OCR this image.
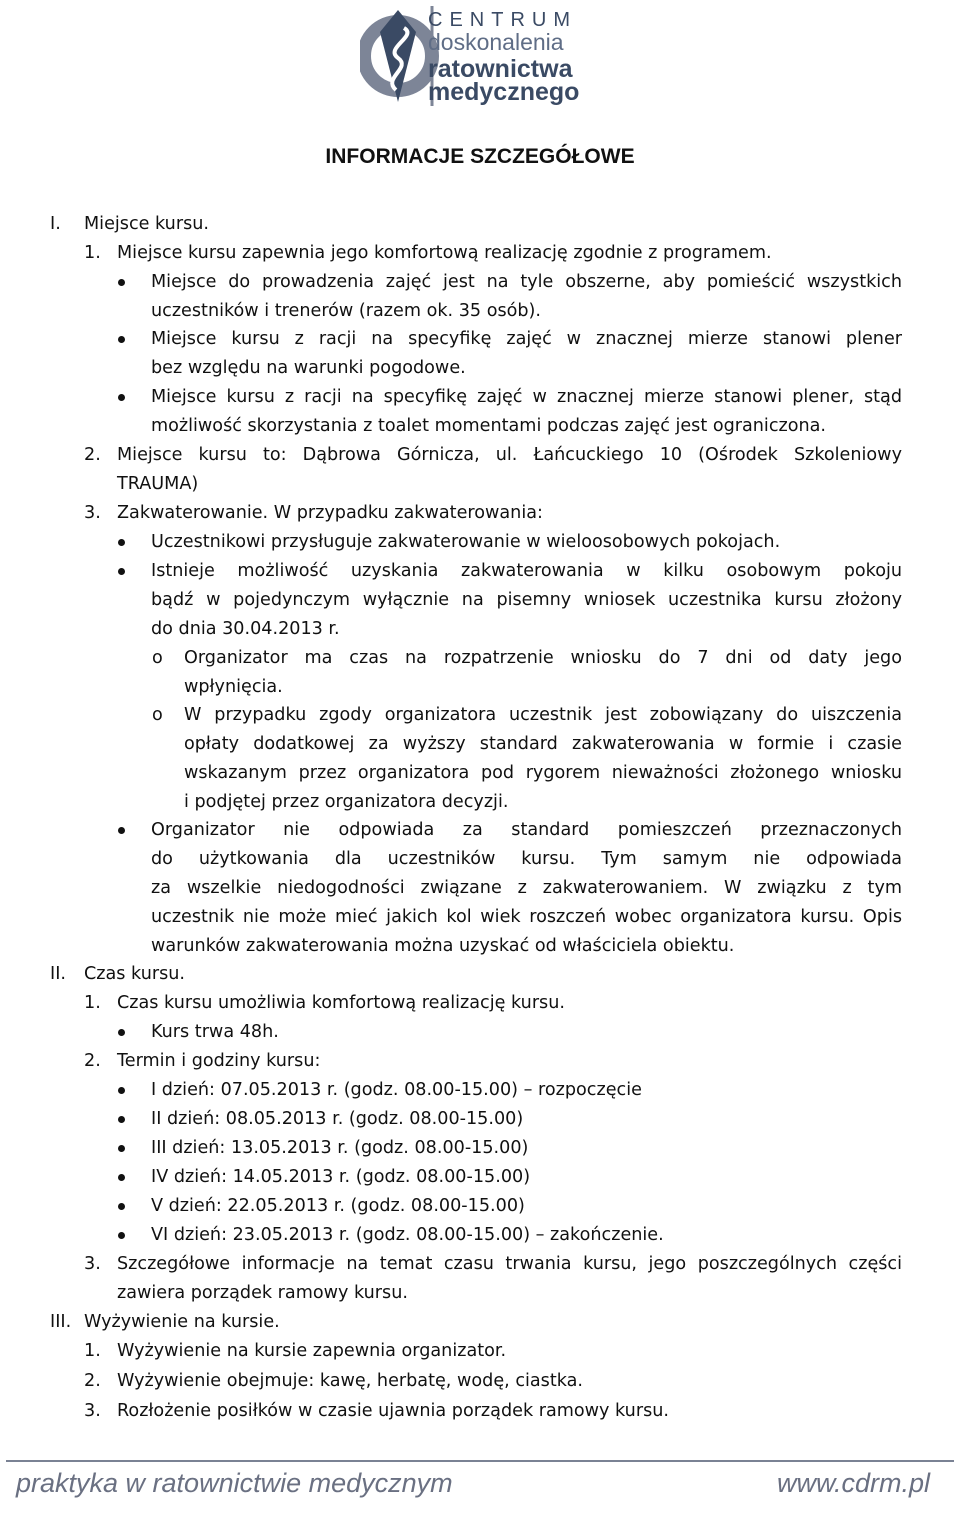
CENTRUM
doskonalenia
ratownictwa
medycznego
INFORMACJE SZCZEGÓŁOWE
I. Miejsce kursu.
1. Miejsce kursu zapewnia jego komfortową realizację zgodnie z programem.
Miejsce do prowadzenia zajęć jest na tyle obszerne, aby pomieścić wszystkich
uczestników i trenerów (razem ok. 35 osób).
Miejsce kursu z racji na specyfikę zajęć w znacznej mierze stanowi plener
bez względu na warunki pogodowe.
Miejsce kursu z racji na specyfikę zajęć w znacznej mierze stanowi plener, stąd
możliwość skorzystania z toalet momentami podczas zajęć jest ograniczona.
2. Miejsce kursu to: Dąbrowa Górnicza, ul. Łańcuckiego 10 (Ośrodek Szkoleniowy
TRAUMA)
3. Zakwaterowanie. W przypadku zakwaterowania:
Uczestnikowi przysługuje zakwaterowanie w wieloosobowych pokojach.
Istnieje możliwość uzyskania zakwaterowania w kilku osobowym pokoju
bądź w pojedynczym wyłącznie na pisemny wniosek uczestnika kursu złożony
do dnia 30.04.2013 r.
o Organizator ma czas na rozpatrzenie wniosku do 7 dni od daty jego
wpłynięcia.
o W przypadku zgody organizatora uczestnik jest zobowiązany do uiszczenia
opłaty dodatkowej za wyższy standard zakwaterowania w formie i czasie
wskazanym przez organizatora pod rygorem nieważności złożonego wniosku
i podjętej przez organizatora decyzji.
Organizator nie odpowiada za standard pomieszczeń przeznaczonych
do użytkowania dla uczestników kursu. Tym samym nie odpowiada
za wszelkie niedogodności związane z zakwaterowaniem. W związku z tym
uczestnik nie może mieć jakich kol wiek roszczeń wobec organizatora kursu. Opis
warunków zakwaterowania można uzyskać od właściciela obiektu.
II. Czas kursu.
1. Czas kursu umożliwia komfortową realizację kursu.
Kurs trwa 48h.
2. Termin i godziny kursu:
I dzień: 07.05.2013 r. (godz. 08.00-15.00) – rozpoczęcie
II dzień: 08.05.2013 r. (godz. 08.00-15.00)
III dzień: 13.05.2013 r. (godz. 08.00-15.00)
IV dzień: 14.05.2013 r. (godz. 08.00-15.00)
V dzień: 22.05.2013 r. (godz. 08.00-15.00)
VI dzień: 23.05.2013 r. (godz. 08.00-15.00) – zakończenie.
3. Szczegółowe informacje na temat czasu trwania kursu, jego poszczególnych części
zawiera porządek ramowy kursu.
III. Wyżywienie na kursie.
1. Wyżywienie na kursie zapewnia organizator.
2. Wyżywienie obejmuje: kawę, herbatę, wodę, ciastka.
3. Rozłożenie posiłków w czasie ujawnia porządek ramowy kursu.
praktyka w ratownictwie medycznym	www.cdrm.pl
